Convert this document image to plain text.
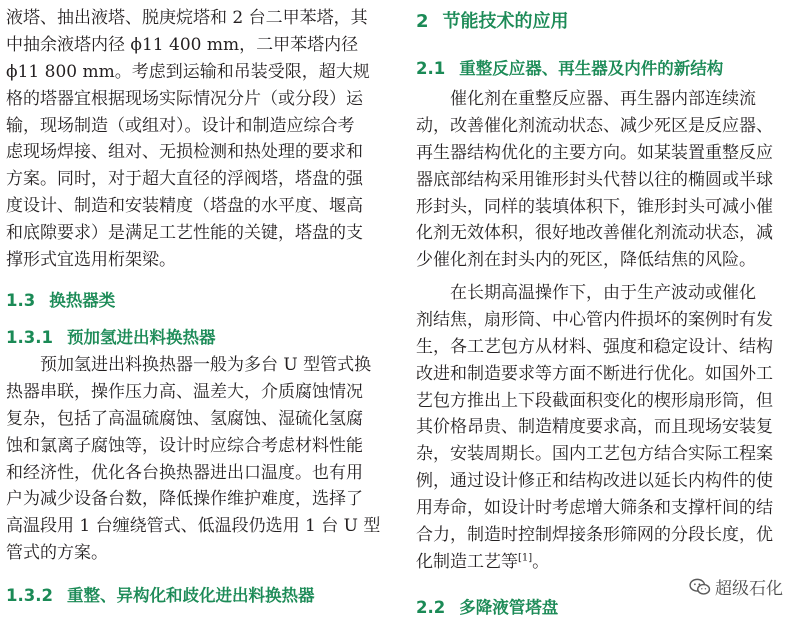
液塔、抽出液塔、脱庚烷塔和 2 台二甲苯塔，其
中抽余液塔内径 ϕ11 400 mm，二甲苯塔内径
ϕ11 800 mm。考虑到运输和吊装受限，超大规
格的塔器宜根据现场实际情况分片（或分段）运
输，现场制造（或组对）。设计和制造应综合考
虑现场焊接、组对、无损检测和热处理的要求和
方案。同时，对于超大直径的浮阀塔，塔盘的强
度设计、制造和安装精度（塔盘的水平度、堰高
和底隙要求）是满足工艺性能的关键，塔盘的支
撑形式宜选用桁架梁。
1.3 换热器类
1.3.1 预加氢进出料换热器
预加氢进出料换热器一般为多台 U 型管式换
热器串联，操作压力高、温差大，介质腐蚀情况
复杂，包括了高温硫腐蚀、氢腐蚀、湿硫化氢腐
蚀和氯离子腐蚀等，设计时应综合考虑材料性能
和经济性，优化各台换热器进出口温度。也有用
户为减少设备台数，降低操作维护难度，选择了
高温段用 1 台缠绕管式、低温段仍选用 1 台 U 型
管式的方案。
1.3.2 重整、异构化和歧化进出料换热器
2 节能技术的应用
2.1 重整反应器、再生器及内件的新结构
催化剂在重整反应器、再生器内部连续流
动，改善催化剂流动状态、减少死区是反应器、
再生器结构优化的主要方向。如某装置重整反应
器底部结构采用锥形封头代替以往的椭圆或半球
形封头，同样的装填体积下，锥形封头可减小催
化剂无效体积，很好地改善催化剂流动状态，减
少催化剂在封头内的死区，降低结焦的风险。
在长期高温操作下，由于生产波动或催化
剂结焦，扇形筒、中心管内件损坏的案例时有发
生，各工艺包方从材料、强度和稳定设计、结构
改进和制造要求等方面不断进行优化。如国外工
艺包方推出上下段截面积变化的楔形扇形筒，但
其价格昂贵、制造精度要求高，而且现场安装复
杂，安装周期长。国内工艺包方结合实际工程案
例，通过设计修正和结构改进以延长内构件的使
用寿命，如设计时考虑增大筛条和支撑杆间的结
合力，制造时控制焊接条形筛网的分段长度，优
化制造工艺等[1]。
2.2 多降液管塔盘
超级石化
